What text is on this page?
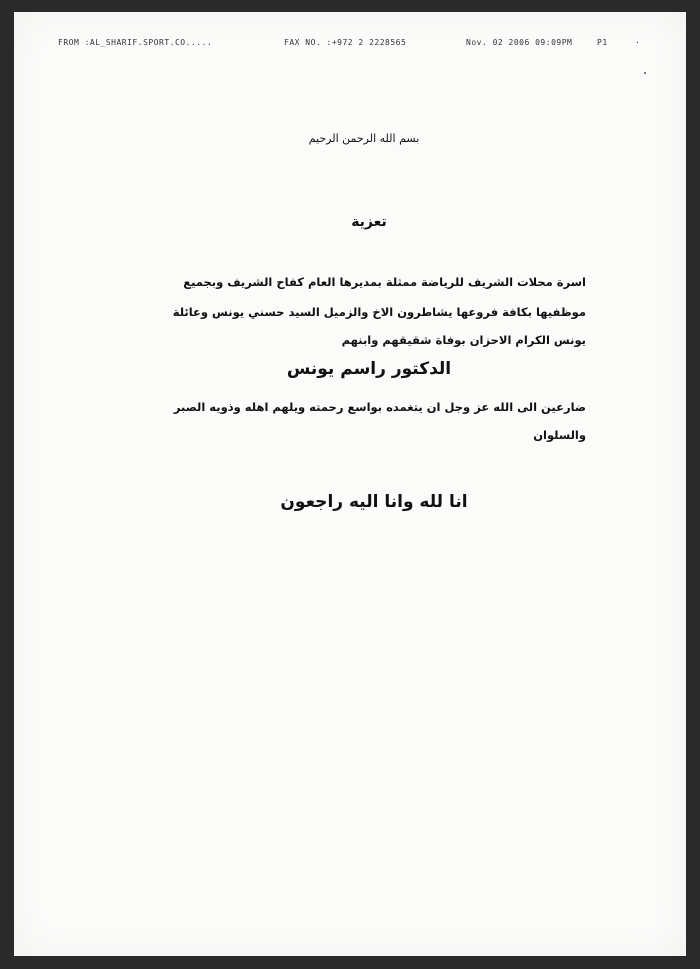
FROM :AL_SHARIF.SPORT.CO.....	FAX NO. :+972 2 2228565	Nov. 02 2006 09:09PM	P1	·
بسم الله الرحمن الرحيم
تعزية
اسرة محلات الشريف للرياضة ممثلة بمديرها العام كفاح الشريف وبجميع
موظفيها بكافة فروعها يشاطرون الاخ والزميل السيد حسني يونس وعائلة
يونس الكرام الاحزان بوفاة شقيقهم وابنهم
الدكتور راسم يونس
ضارعين الى الله عز وجل ان يتغمده بواسع رحمته ويلهم اهله وذويه الصبر
والسلوان
انا لله وانا اليه راجعون
